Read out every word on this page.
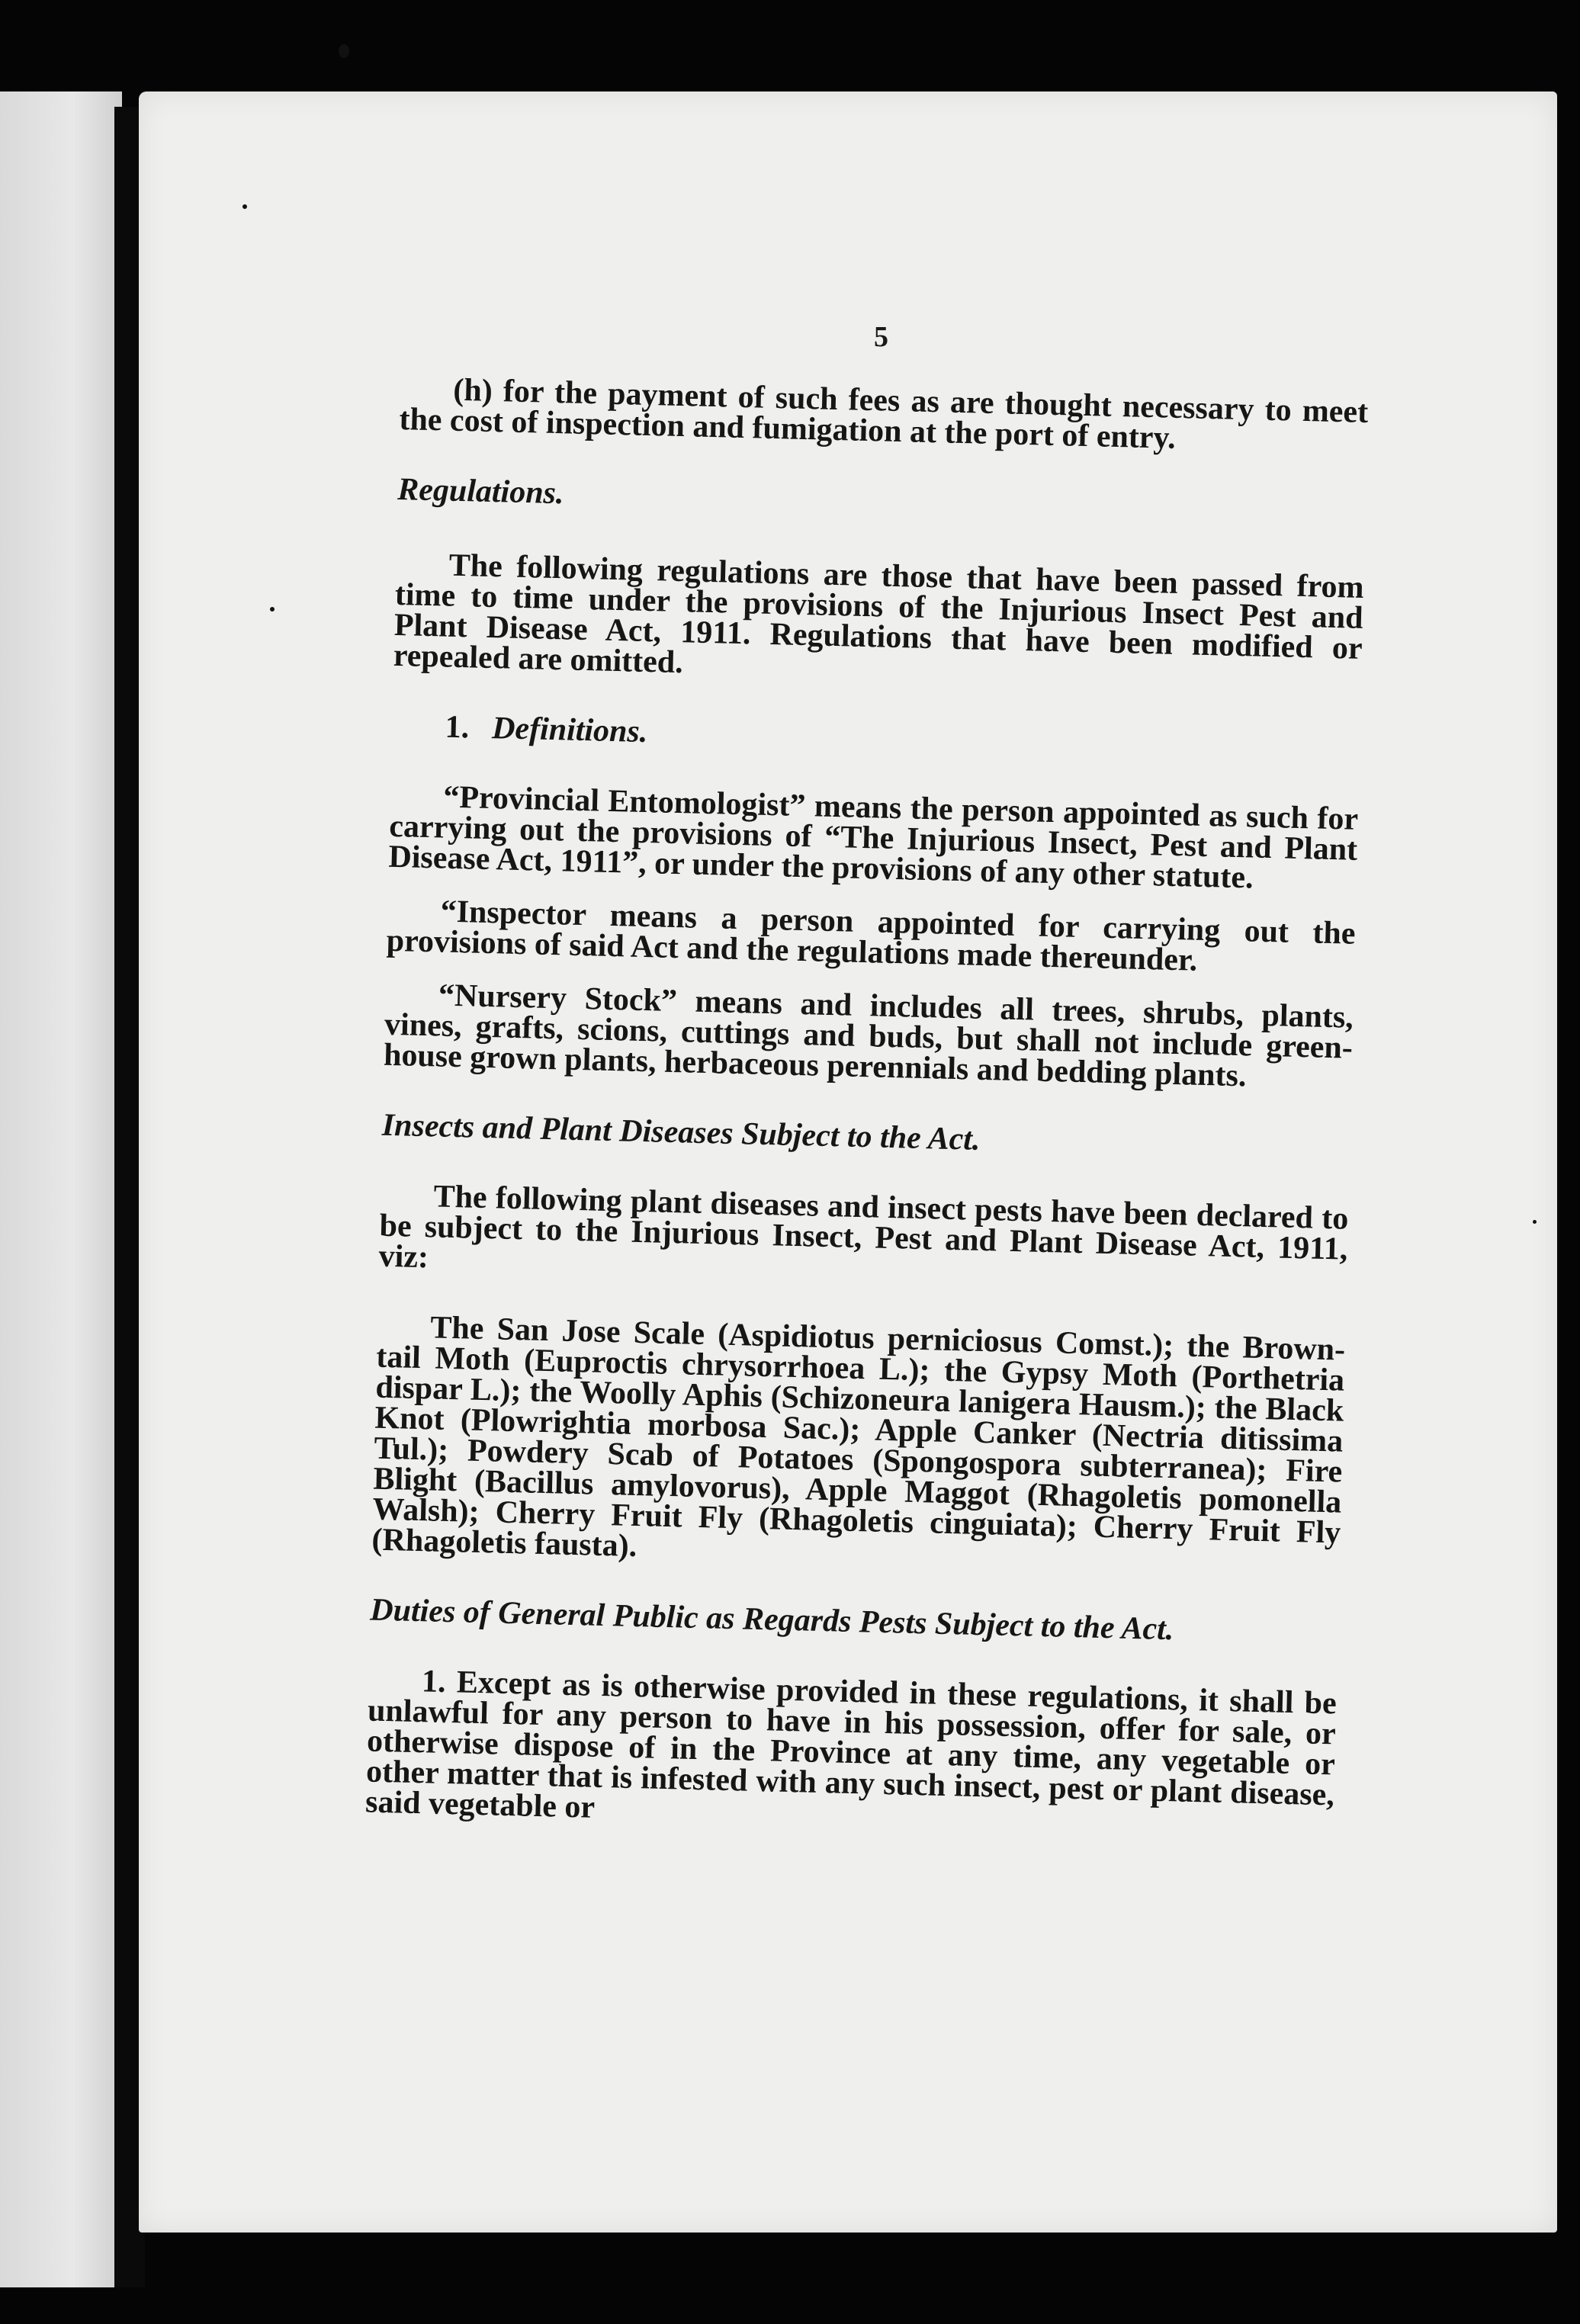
5

(h) for the payment of such fees as are thought necessary to meet the cost of inspection and fumigation at the port of entry.

Regulations.

The following regulations are those that have been passed from time to time under the provisions of the Injurious Insect Pest and Plant Disease Act, 1911. Regulations that have been modified or repealed are omitted.

1. Definitions.

“Provincial Entomologist” means the person appointed as such for carrying out the provisions of “The Injurious Insect, Pest and Plant Disease Act, 1911”, or under the provisions of any other statute.

“Inspector means a person appointed for carrying out the provisions of said Act and the regulations made thereunder.

“Nursery Stock” means and includes all trees, shrubs, plants, vines, grafts, scions, cuttings and buds, but shall not include green-house grown plants, herbaceous perennials and bedding plants.

Insects and Plant Diseases Subject to the Act.

The following plant diseases and insect pests have been declared to be subject to the Injurious Insect, Pest and Plant Disease Act, 1911, viz:

The San Jose Scale (Aspidiotus perniciosus Comst.); the Brown-tail Moth (Euproctis chrysorrhoea L.); the Gypsy Moth (Porthetria dispar L.); the Woolly Aphis (Schizoneura lanigera Hausm.); the Black Knot (Plowrightia morbosa Sac.); Apple Canker (Nectria ditissima Tul.); Powdery Scab of Potatoes (Spongospora subterranea); Fire Blight (Bacillus amylovorus), Apple Maggot (Rhagoletis pomonella Walsh); Cherry Fruit Fly (Rhagoletis cinguiata); Cherry Fruit Fly (Rhagoletis fausta).

Duties of General Public as Regards Pests Subject to the Act.

1. Except as is otherwise provided in these regulations, it shall be unlawful for any person to have in his possession, offer for sale, or otherwise dispose of in the Province at any time, any vegetable or other matter that is infested with any such insect, pest or plant disease, said vegetable or
